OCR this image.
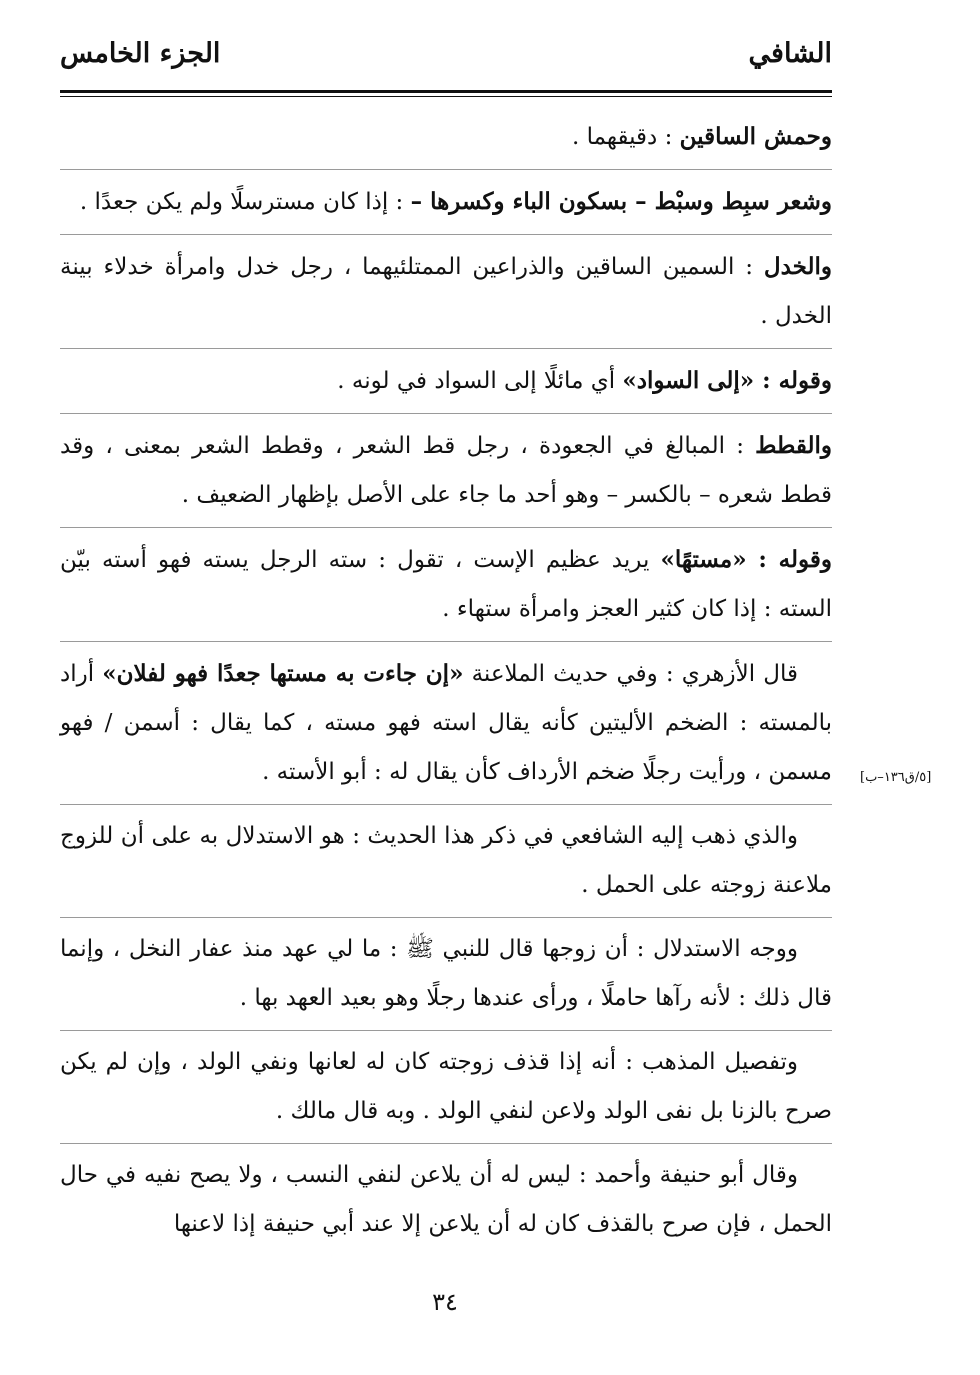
الشافي
الجزء الخامس

وحمش الساقين : دقيقهما .

وشعر سبِط وسبْط – بسكون الباء وكسرها – : إذا كان مسترسلًا ولم يكن جعدًا .

والخدل : السمين الساقين والذراعين الممتلئيهما ، رجل خدل وامرأة خدلاء بينة الخدل .

وقوله : «إلى السواد» أي مائلًا إلى السواد في لونه .

والقطط : المبالغ في الجعودة ، رجل قط الشعر ، وقطط الشعر بمعنى ، وقد قطط شعره – بالكسر – وهو أحد ما جاء على الأصل بإظهار الضعيف .

وقوله : «مستهًا» يريد عظيم الإست ، تقول : سته الرجل يسته فهو أسته بيّن السته : إذا كان كثير العجز وامرأة ستهاء .

قال الأزهري : وفي حديث الملاعنة «إن جاءت به مستها جعدًا فهو لفلان» أراد بالمسته : الضخم الأليتين كأنه يقال استه فهو مسته ، كما يقال : أسمن / فهو مسمن ، ورأيت رجلًا ضخم الأرداف كأن يقال له : أبو الأسته .

والذي ذهب إليه الشافعي في ذكر هذا الحديث : هو الاستدلال به على أن للزوج ملاعنة زوجته على الحمل .

ووجه الاستدلال : أن زوجها قال للنبي ﷺ : ما لي عهد منذ عفار النخل ، وإنما قال ذلك : لأنه رآها حاملًا ، ورأى عندها رجلًا وهو بعيد العهد بها .

وتفصيل المذهب : أنه إذا قذف زوجته كان له لعانها ونفي الولد ، وإن لم يكن صرح بالزنا بل نفى الولد ولاعن لنفي الولد . وبه قال مالك .

وقال أبو حنيفة وأحمد : ليس له أن يلاعن لنفي النسب ، ولا يصح نفيه في حال الحمل ، فإن صرح بالقذف كان له أن يلاعن إلا عند أبي حنيفة إذا لاعنها

[٥/ق١٣٦–ب]
٣٤
